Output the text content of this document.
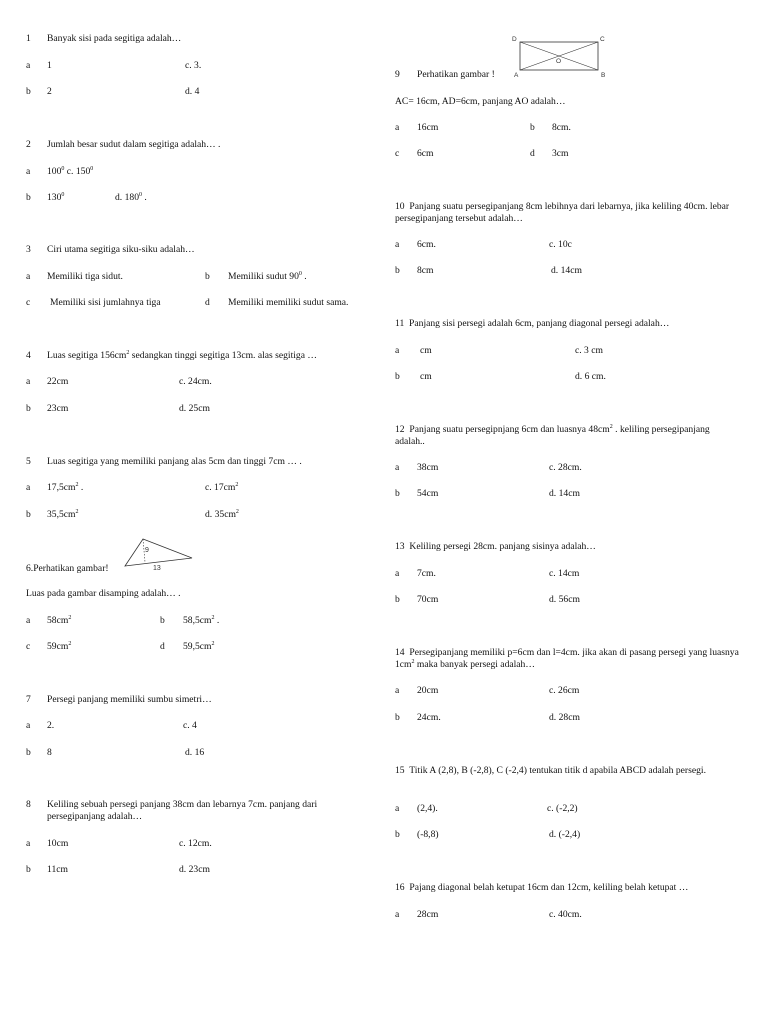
1 Banyak sisi pada segitiga adalah…
a 1	c. 3.
b 2	d. 4
2 Jumlah besar sudut dalam segitiga adalah… .
a $100^0$ c. $150^0$
b $130^0$	d. $180^0$ .
3 Ciri utama segitiga siku-siku adalah…
a Memiliki tiga sidut.	b Memiliki sudut $90^0$ .
c Memiliki sisi jumlahnya tiga	d Memiliki memiliki sudut sama.
4 Luas segitiga $156cm^2$ sedangkan tinggi segitiga 13cm. alas segitiga …
a 22cm	c. 24cm.
b 23cm	d. 25cm
5 Luas segitiga yang memiliki panjang alas 5cm dan tinggi 7cm … .
a $17,5cm^2$ .	c. $17cm^2$
b $35,5cm^2$	d. $35cm^2$
6.Perhatikan gambar!
9
13
Luas pada gambar disamping adalah… .
a $58cm^2$	b $58,5cm^2$ .
c $59cm^2$	d $59,5cm^2$
7 Persegi panjang memiliki sumbu simetri…
a 2.	c. 4
b 8	d. 16
8 Keliling sebuah persegi panjang 38cm dan lebarnya 7cm. panjang dari persegipanjang adalah…
a 10cm	c. 12cm.
b 11cm	d. 23cm
D	C
A	B
O
9 Perhatikan gambar !
AC= 16cm, AD=6cm, panjang AO adalah…
a 16cm	b 8cm.
c 6cm	d 3cm
10 Panjang suatu persegipanjang 8cm lebihnya dari lebarnya, jika keliling 40cm. lebar persegipanjang tersebut adalah…
a 6cm.	c. 10c
b 8cm	d. 14cm
11 Panjang sisi persegi adalah 6cm, panjang diagonal persegi adalah…
a cm	c. 3 cm
b cm	d. 6 cm.
12 Panjang suatu persegipnjang 6cm dan luasnya $48cm^2$ . keliling persegipanjang adalah..
a 38cm	c. 28cm.
b 54cm	d. 14cm
13 Keliling persegi 28cm. panjang sisinya adalah…
a 7cm.	c. 14cm
b 70cm	d. 56cm
14 Persegipanjang memiliki p=6cm dan l=4cm. jika akan di pasang persegi yang luasnya $1cm^2$ maka banyak persegi adalah…
a 20cm	c. 26cm
b 24cm.	d. 28cm
15 Titik A (2,8), B (-2,8), C (-2,4) tentukan titik d apabila ABCD adalah persegi.
a (2,4).	c. (-2,2)
b (-8,8)	d. (-2,4)
16 Pajang diagonal belah ketupat 16cm dan 12cm, keliling belah ketupat …
a 28cm	c. 40cm.
